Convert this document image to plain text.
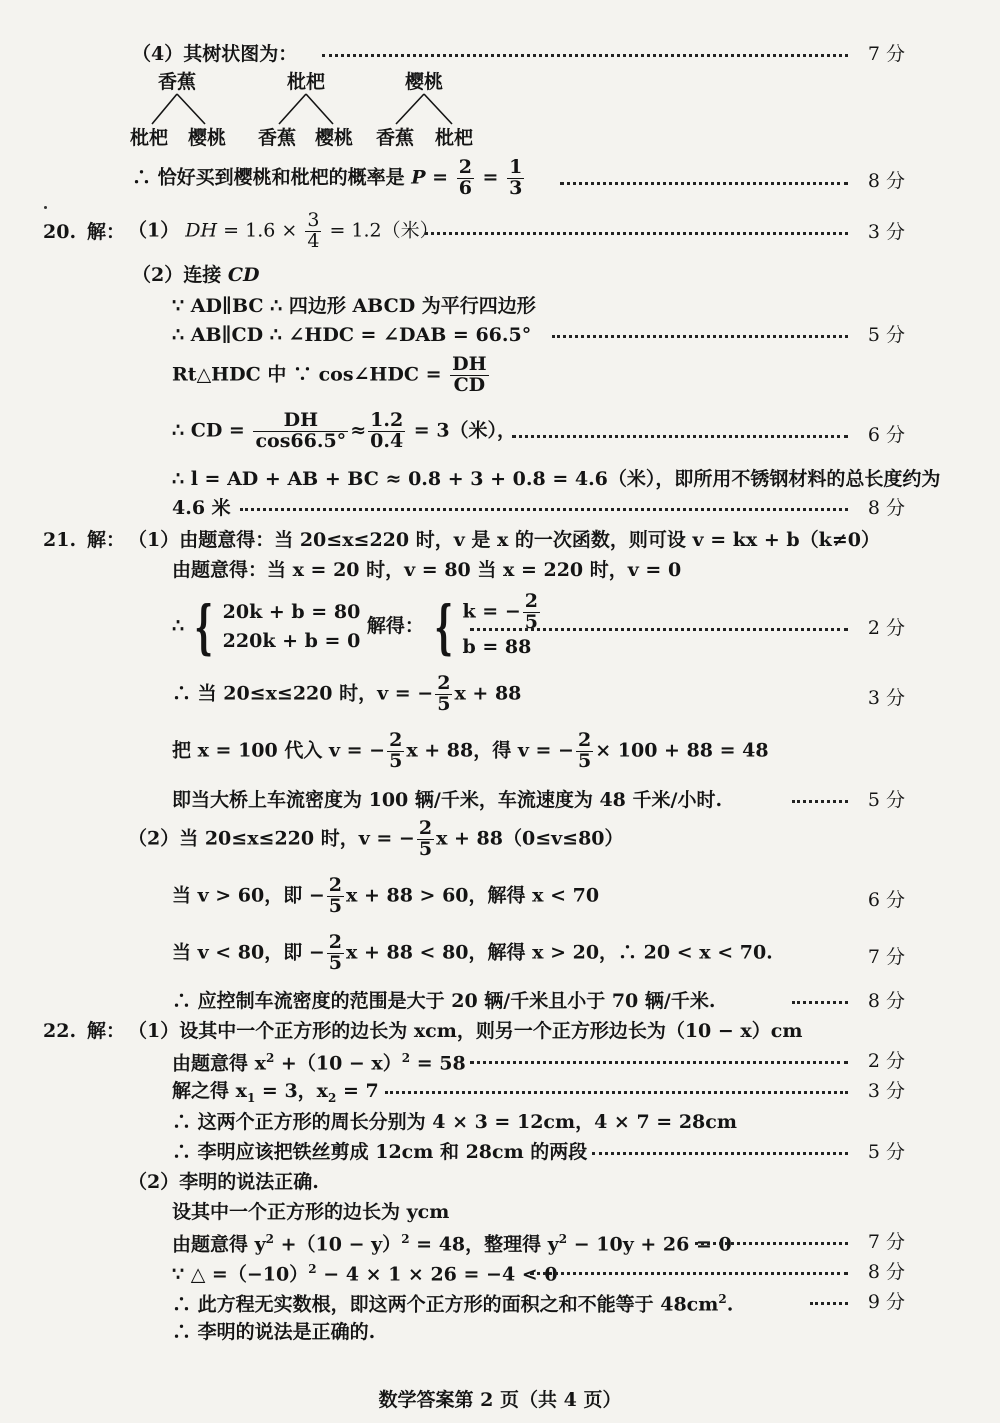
（4）其树状图为：	7 分
香蕉	枇杷	樱桃
枇杷 樱桃 香蕉 樱桃 香蕉 枇杷
∴ 恰好买到樱桃和枇杷的概率是 $P = \frac{2}{6} = \frac{1}{3}$	8 分
20. 解： （1） DH = $1.6 \times \frac{3}{4} = 1.2$（米）	3 分
（2）连接 CD
∵ AD∥BC ∴ 四边形 ABCD 为平行四边形
∴ AB∥CD ∴ ∠HDC = ∠DAB = 66.5°	5 分
Rt△HDC 中 ∵ cos∠HDC = $\frac{DH}{CD}$
∴ CD = $\frac{DH}{\cos 66.5^\circ} \approx \frac{1.2}{0.4} = 3$（米），	6 分
∴ l = AD + AB + BC ≈ 0.8 + 3 + 0.8 = 4.6（米），即所用不锈钢材料的总长度约为
4.6 米	8 分
21. 解： （1）由题意得：当 20≤x≤220 时，v 是 x 的一次函数，则可设 v = kx + b（k≠0）
由题意得：当 x = 20 时，v = 80 当 x = 220 时，v = 0
∴ { 20k + b = 80
220k + b = 0
解得： { k = − $\frac{2}{5}$
b = 88
2 分
∴ 当 20≤x≤220 时，v = − $\frac{2}{5}$ x + 88	3 分
把 x = 100 代入 v = − $\frac{2}{5}$ x + 88，得 v = − $\frac{2}{5} \times 100 + 88 = 48$
即当大桥上车流密度为 100 辆/千米，车流速度为 48 千米/小时.	5 分
（2）当 20≤x≤220 时，v = − $\frac{2}{5}$ x + 88（0≤v≤80）
当 v > 60，即 − $\frac{2}{5}$ x + 88 > 60，解得 x < 70	6 分
当 v < 80，即 − $\frac{2}{5}$ x + 88 < 80，解得 x > 20，∴ 20 < x < 70.	7 分
∴ 应控制车流密度的范围是大于 20 辆/千米且小于 70 辆/千米.	8 分
22. 解： （1）设其中一个正方形的边长为 xcm，则另一个正方形边长为（10 − x）cm
由题意得 $x^2 +(10 - x)^2 = 58$	2 分
解之得 $x_1 = 3$，$x_2 = 7$	3 分
∴ 这两个正方形的周长分别为 4 × 3 = 12cm，4 × 7 = 28cm
∴ 李明应该把铁丝剪成 12cm 和 28cm 的两段	5 分
（2）李明的说法正确.
设其中一个正方形的边长为 ycm
由题意得 $y^2 +(10 - y)^2 = 48$，整理得 $y^2 - 10y + 26 = 0$	7 分
∵ △ $=(-10)^2 - 4 \times 1 \times 26 = -4 < 0$	8 分
∴ 此方程无实数根，即这两个正方形的面积之和不能等于 $48cm^2$.	9 分
∴ 李明的说法是正确的.
数学答案第 2 页（共 4 页）
